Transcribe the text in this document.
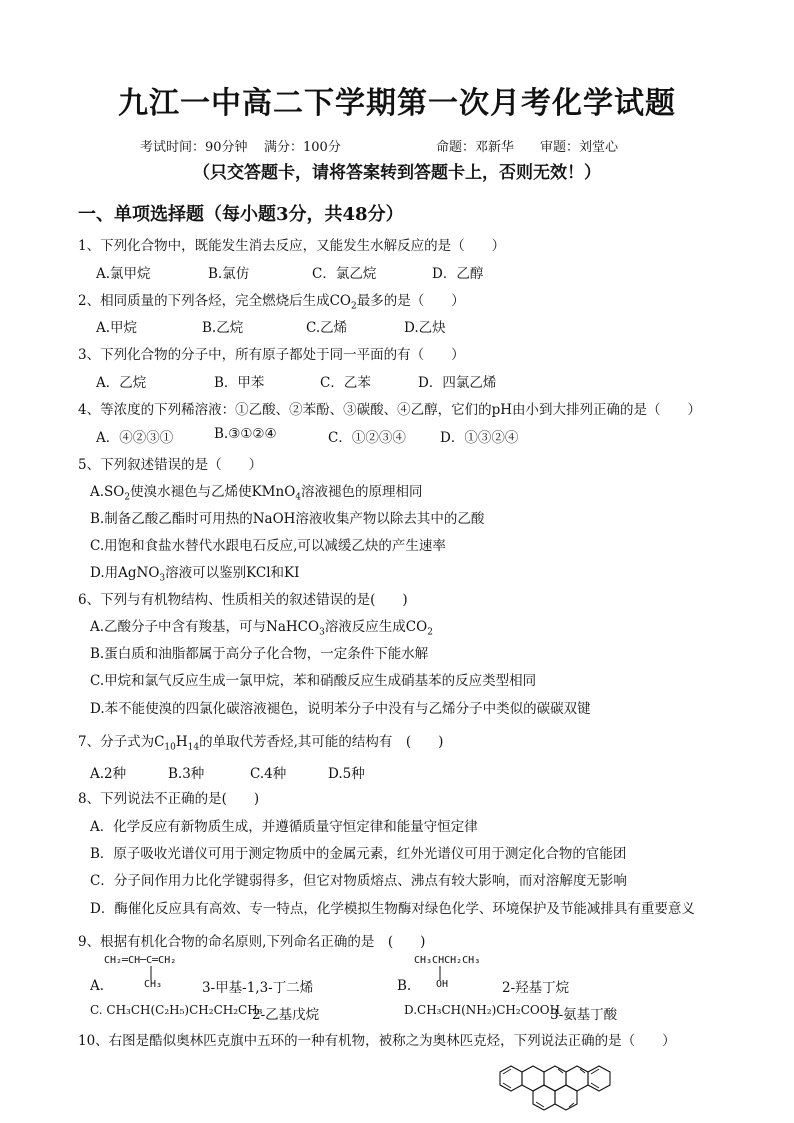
九江一中高二下学期第一次月考化学试题
考试时间：90分钟 满分：100分	命题：邓新华 审题：刘堂心
（只交答题卡，请将答案转到答题卡上，否则无效！）
一、单项选择题（每小题3分，共48分）
1、下列化合物中，既能发生消去反应，又能发生水解反应的是（　　）
A.氯甲烷	B.氯仿	C．氯乙烷	D．乙醇
2、相同质量的下列各烃，完全燃烧后生成$CO_2$最多的是（　　）
A.甲烷	B.乙烷	C.乙烯	D.乙炔
3、下列化合物的分子中，所有原子都处于同一平面的有（　　）
A．乙烷	B．甲苯	C．乙苯	D．四氯乙烯
4、等浓度的下列稀溶液：①乙酸、②苯酚、③碳酸、④乙醇，它们的pH由小到大排列正确的是（　　）
A．④②③①	B.③①②④	C．①②③④	D．①③②④
5、下列叙述错误的是（　　）
$A.SO_2$使溴水褪色与乙烯使KMnO$_4$溶液褪色的原理相同
B.制备乙酸乙酯时可用热的NaOH溶液收集产物以除去其中的乙酸
C.用饱和食盐水替代水跟电石反应,可以减缓乙炔的产生速率
D.用AgNO$_3$溶液可以鉴别KCl和KI
6、下列与有机物结构、性质相关的叙述错误的是(　　)
A.乙酸分子中含有羧基，可与NaHCO$_3$溶液反应生成$CO_2$
B.蛋白质和油脂都属于高分子化合物，一定条件下能水解
C.甲烷和氯气反应生成一氯甲烷，苯和硝酸反应生成硝基苯的反应类型相同
D.苯不能使溴的四氯化碳溶液褪色，说明苯分子中没有与乙烯分子中类似的碳碳双键
7、分子式为$C_{10}H_{14}$的单取代芳香烃,其可能的结构有　(　　)
A.2种	B.3种	C.4种	D.5种
8、下列说法不正确的是(　　)
A．化学反应有新物质生成，并遵循质量守恒定律和能量守恒定律
B．原子吸收光谱仪可用于测定物质中的金属元素，红外光谱仪可用于测定化合物的官能团
C．分子间作用力比化学键弱得多，但它对物质熔点、沸点有较大影响，而对溶解度无影响
D．酶催化反应具有高效、专一特点，化学模拟生物酶对绿色化学、环境保护及节能减排具有重要意义
9、根据有机化合物的命名原则,下列命名正确的是　(　　)
CH₂═CH─C═CH₂
CH₃
A.	3-甲基-1,3-丁二烯
CH₃CHCH₂CH₃
OH
B.	2-羟基丁烷
C. CH₃CH(C₂H₅)CH₂CH₂CH₃
2-乙基戊烷	D.CH₃CH(NH₂)CH₂COOH
3-氨基丁酸
10、右图是酷似奥林匹克旗中五环的一种有机物，被称之为奥林匹克烃，下列说法正确的是（　　）
